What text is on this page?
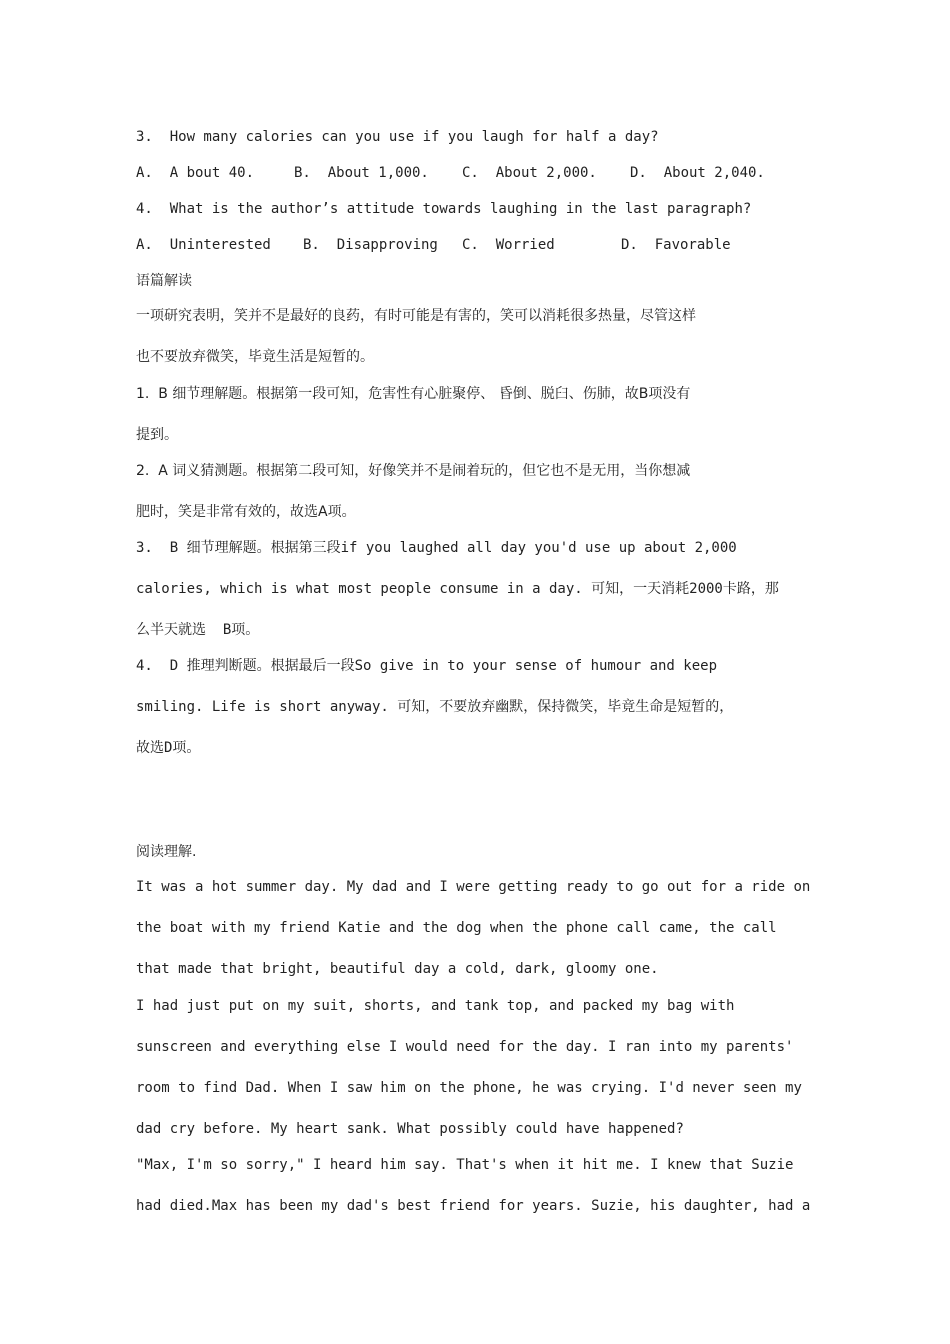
3.  How many calories can you use if you laugh for half a day?
A.  A bout 40.	B.  About 1,000. C.  About 2,000. D.  About 2,040.
4.  What is the author’s attitude towards laughing in the last paragraph?
A.  Uninterested B.  Disapproving C.  Worried	D.  Favorable
语篇解读
一项研究表明，笑并不是最好的良药，有时可能是有害的，笑可以消耗很多热量，尽管这样
也不要放弃微笑，毕竟生活是短暂的。
1.  B 细节理解题。根据第一段可知，危害性有心脏聚停、 昏倒、脱臼、伤肺，故B项没有
提到。
2.  A 词义猜测题。根据第二段可知，好像笑并不是闹着玩的，但它也不是无用，当你想减
肥时，笑是非常有效的，故选A项。
3.  B 细节理解题。根据第三段if you laughed all day you'd use up about 2,000
calories, which is what most people consume in a day. 可知，一天消耗2000卡路，那
么半天就选  B项。
4.  D 推理判断题。根据最后一段So give in to your sense of humour and keep
smiling. Life is short anyway. 可知，不要放弃幽默，保持微笑，毕竟生命是短暂的，
故选D项。
阅读理解.
It was a hot summer day. My dad and I were getting ready to go out for a ride on
the boat with my friend Katie and the dog when the phone call came, the call
that made that bright, beautiful day a cold, dark, gloomy one.
I had just put on my suit, shorts, and tank top, and packed my bag with
sunscreen and everything else I would need for the day. I ran into my parents'
room to find Dad. When I saw him on the phone, he was crying. I'd never seen my
dad cry before. My heart sank. What possibly could have happened?
"Max, I'm so sorry," I heard him say. That's when it hit me. I knew that Suzie
had died.Max has been my dad's best friend for years. Suzie, his daughter, had a
